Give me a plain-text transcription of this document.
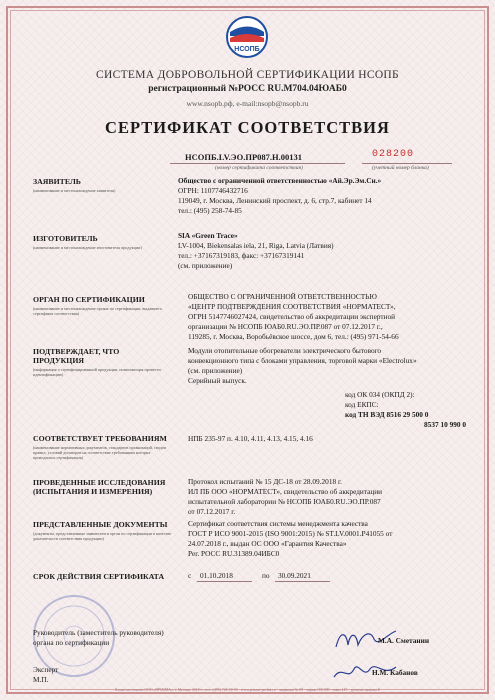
НСОПБ
СИСТЕМА ДОБРОВОЛЬНОЙ СЕРТИФИКАЦИИ НСОПБ
регистрационный №РОСС RU.М704.04ЮАБ0
www.nsopb.рф, e-mail:nsopb@nsopb.ru
СЕРТИФИКАТ СООТВЕТСТВИЯ
НСОПБ.LV.ЭО.ПР087.Н.00131
(номер сертификата соответствия)
028200
(учетный номер бланка)
ЗАЯВИТЕЛЬ
(наименование и местонахождение заявителя)
Общество с ограниченной ответственностью «Ай.Эр.Эм.Сн.»
ОГРН: 1107746432716
119049, г. Москва, Ленинский проспект, д. 6, стр.7, кабинет 14
тел.: (495) 258-74-85
ИЗГОТОВИТЕЛЬ
(наименование и местонахождение изготовителя продукции)
SIA «Green Trace»
LV-1004, Biekensalas iela, 21, Riga, Latvia (Латвия)
тел.: +37167319183, факс: +37167319141
(см. приложение)
ОРГАН ПО СЕРТИФИКАЦИИ
(наименование и местонахождение органа по сертификации, выдавшего сертификат соответствия)
ОБЩЕСТВО С ОГРАНИЧЕННОЙ ОТВЕТСТВЕННОСТЬЮ
«ЦЕНТР ПОДТВЕРЖДЕНИЯ СООТВЕТСТВИЯ «НОРМАТЕСТ»,
ОГРН 5147746027424, свидетельство об аккредитации экспертной
организации № НСОПБ ЮАБ0.RU.ЭО.ПР.087 от 07.12.2017 г.,
119285, г. Москва, Воробьёвское шоссе, дом 6, тел.: (495) 971-54-66
ПОДТВЕРЖДАЕТ, ЧТО ПРОДУКЦИЯ
(информация о сертифицированной продукции, позволяющая провести идентификацию)
Модули отопительные обогреватели электрического бытового
конвекционного типа с блоками управления, торговой марки «Electrolux»
(см. приложение)
Серийный выпуск.
код ОК 034 (ОКПД 2):
код ЕКПС:
код ТН ВЭД 8516 29 500 0
8537 10 990 0
СООТВЕТСТВУЕТ ТРЕБОВАНИЯМ
(наименование нормативных документов, стандартов организаций, сводов правил, условий договоров на соответствие требованиям которых проводилась сертификация)
НПБ 235-97 п. 4.10, 4.11, 4.13, 4.15, 4.16
ПРОВЕДЕННЫЕ ИССЛЕДОВАНИЯ (ИСПЫТАНИЯ И ИЗМЕРЕНИЯ)
Протокол испытаний № 15 ДС-18 от 28.09.2018 г.
ИЛ ПБ ООО «НОРМАТЕСТ», свидетельство об аккредитации
испытательной лаборатории № НСОПБ ЮАБ0.RU.ЭО.ПР.087
от 07.12.2017 г.
ПРЕДСТАВЛЕННЫЕ ДОКУМЕНТЫ
(документы, представленные заявителем в орган по сертификации в качестве доказательств соответствия продукции)
Сертификат соответствия системы менеджмента качества
ГОСТ Р ИСО 9001-2015 (ISO 9001:2015) № ST.LV.0001.P41055 от
24.07.2018 г., выдан ОС ООО «Гарантия Качества»
Рег. РОСС RU.31389.04ИБС0
СРОК ДЕЙСТВИЯ СЕРТИФИКАТА	с 01.10.2018	по 30.09.2021
Руководитель (заместитель руководителя)
органа по сертификации	М.А. Сметанин
Эксперт
М.П.
Н.М. Кабанов
Бланк изготовлен ООО «ПРИЗМА», г. Москва, 2018 г., тел.: (495) 726-58-03 · www.prizma-pechat.ru · лицензия № 00 · тираж 100 000 · заказ 145 · уровень защиты Б
